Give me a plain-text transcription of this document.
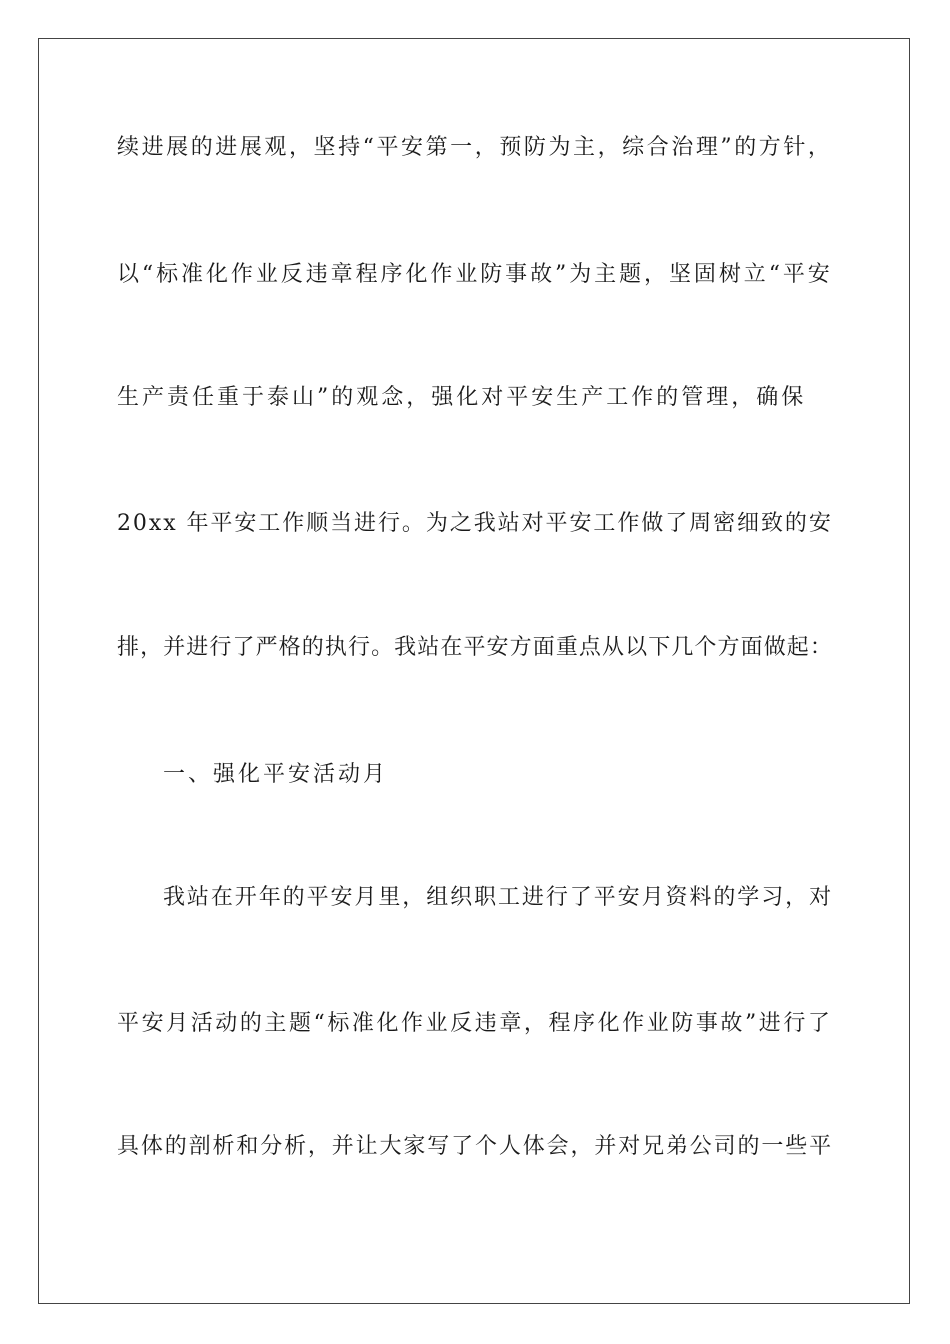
续进展的进展观，坚持“平安第一，预防为主，综合治理”的方针，
以“标准化作业反违章程序化作业防事故”为主题，坚固树立“平安
生产责任重于泰山”的观念，强化对平安生产工作的管理，确保
20xx 年平安工作顺当进行。为之我站对平安工作做了周密细致的安
排，并进行了严格的执行。我站在平安方面重点从以下几个方面做起：
一、强化平安活动月
我站在开年的平安月里，组织职工进行了平安月资料的学习，对
平安月活动的主题“标准化作业反违章，程序化作业防事故”进行了
具体的剖析和分析，并让大家写了个人体会，并对兄弟公司的一些平
